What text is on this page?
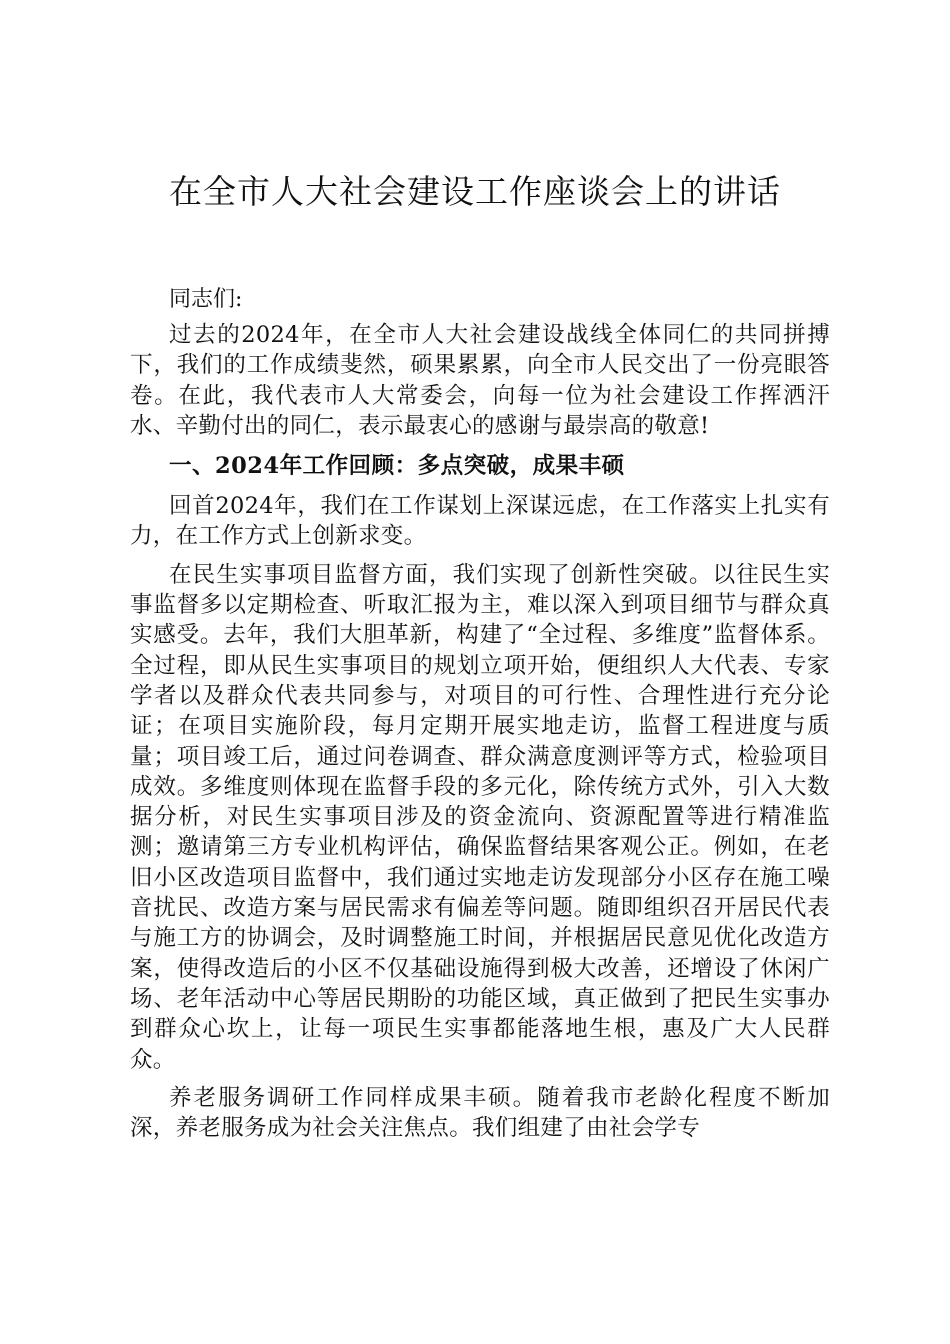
在全市人大社会建设工作座谈会上的讲话

同志们:

过去的2024年，在全市人大社会建设战线全体同仁的共同拼搏下，我们的工作成绩斐然，硕果累累，向全市人民交出了一份亮眼答卷。在此，我代表市人大常委会，向每一位为社会建设工作挥洒汗水、辛勤付出的同仁，表示最衷心的感谢与最崇高的敬意!

一、2024年工作回顾：多点突破，成果丰硕

回首2024年，我们在工作谋划上深谋远虑，在工作落实上扎实有力，在工作方式上创新求变。

在民生实事项目监督方面，我们实现了创新性突破。以往民生实事监督多以定期检查、听取汇报为主，难以深入到项目细节与群众真实感受。去年，我们大胆革新，构建了“全过程、多维度”监督体系。全过程，即从民生实事项目的规划立项开始，便组织人大代表、专家学者以及群众代表共同参与，对项目的可行性、合理性进行充分论证；在项目实施阶段，每月定期开展实地走访，监督工程进度与质量；项目竣工后，通过问卷调查、群众满意度测评等方式，检验项目成效。多维度则体现在监督手段的多元化，除传统方式外，引入大数据分析，对民生实事项目涉及的资金流向、资源配置等进行精准监测；邀请第三方专业机构评估，确保监督结果客观公正。例如，在老旧小区改造项目监督中，我们通过实地走访发现部分小区存在施工噪音扰民、改造方案与居民需求有偏差等问题。随即组织召开居民代表与施工方的协调会，及时调整施工时间，并根据居民意见优化改造方案，使得改造后的小区不仅基础设施得到极大改善，还增设了休闲广场、老年活动中心等居民期盼的功能区域，真正做到了把民生实事办到群众心坎上，让每一项民生实事都能落地生根，惠及广大人民群众。

养老服务调研工作同样成果丰硕。随着我市老龄化程度不断加深，养老服务成为社会关注焦点。我们组建了由社会学专
